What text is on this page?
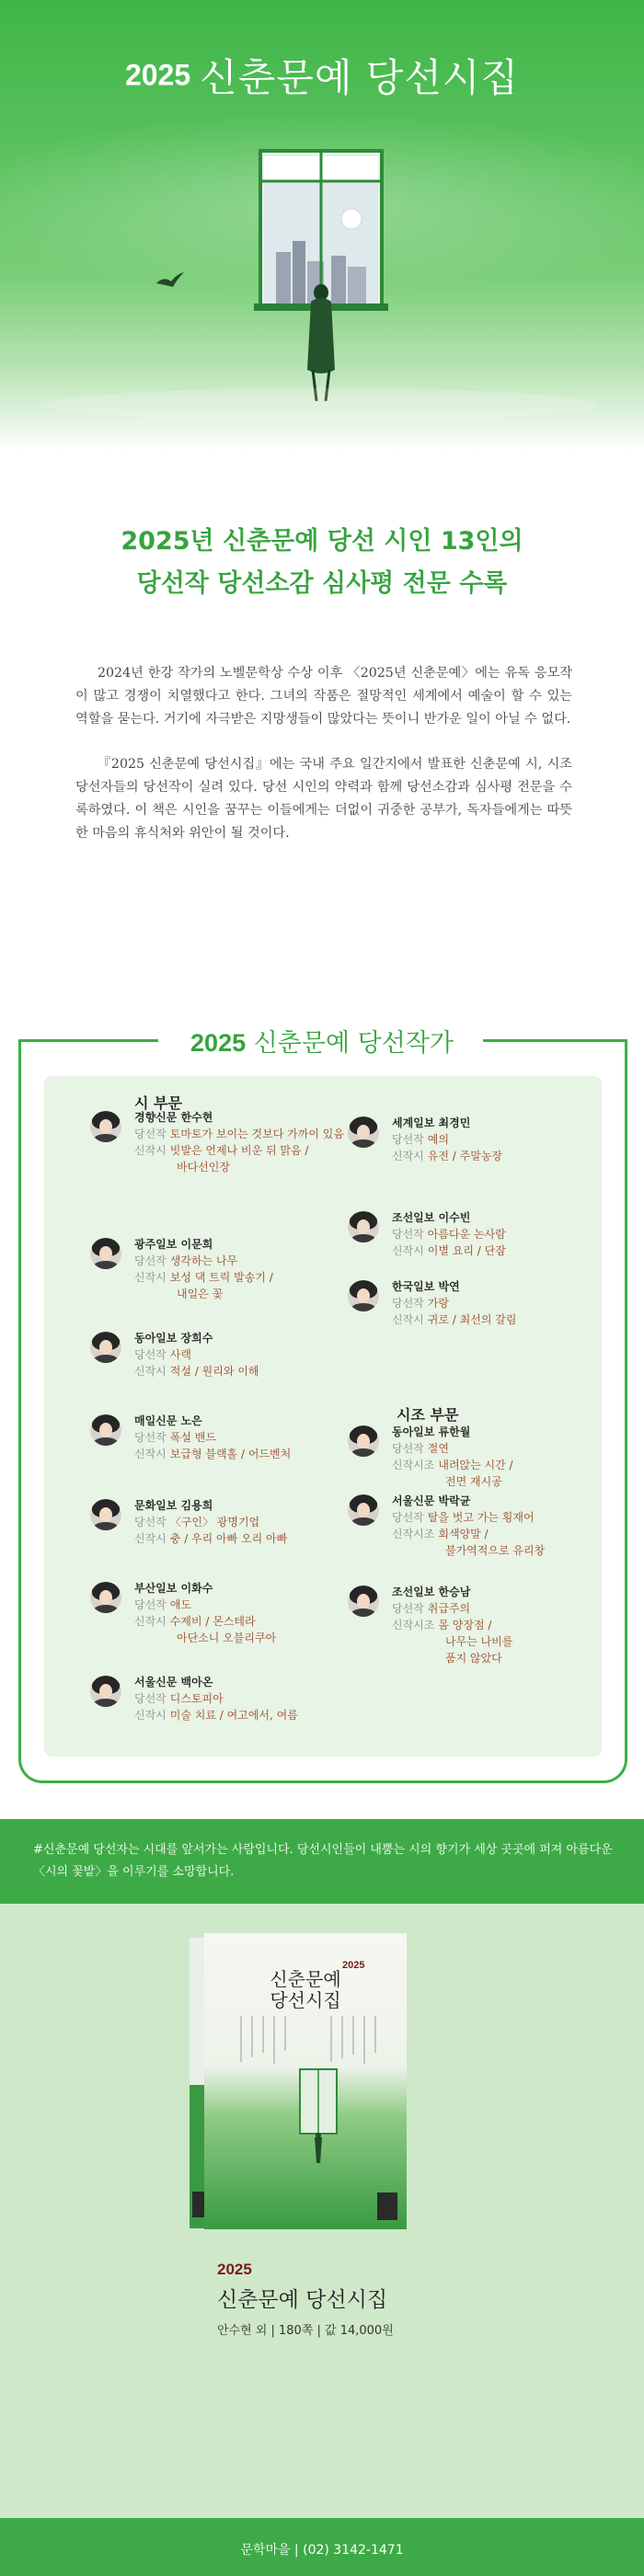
2025 신춘문예 당선시집
2025년 신춘문예 당선 시인 13인의
당선작 당선소감 심사평 전문 수록

2024년 한강 작가의 노벨문학상 수상 이후 〈2025년 신춘문예〉에는 유독 응모작이 많고 경쟁이 치열했다고 한다. 그녀의 작품은 절망적인 세계에서 예술이 할 수 있는 역할을 묻는다. 거기에 자극받은 지망생들이 많았다는 뜻이니 반가운 일이 아닐 수 없다.

『2025 신춘문예 당선시집』에는 국내 주요 일간지에서 발표한 신춘문예 시, 시조 당선자들의 당선작이 실려 있다. 당선 시인의 약력과 함께 당선소감과 심사평 전문을 수록하였다. 이 책은 시인을 꿈꾸는 이들에게는 더없이 귀중한 공부가, 독자들에게는 따뜻한 마음의 휴식처와 위안이 될 것이다.

2025 신춘문예 당선작가
시 부문
시조 부문
경향신문 한수현
당선작 토마토가 보이는 것보다 가까이 있음
신작시 빗발은 언제나 비운 뒤 맑음 /
바다선인장
광주일보 이문희
당선작 생각하는 나무
신작시 보성 댁 트릭 발송기 /
내일은 꽃
동아일보 장희수
당선작 사랙
신작시 적설 / 원리와 이해
매일신문 노은
당선작 폭설 밴드
신작시 보급형 블랙홀 / 어드벤처
문화일보 김용희
당선작 〈구인〉 광명기업
신작시 충 / 우리 아빠 오리 아빠
부산일보 이화수
당선작 애도
신작시 수제비 / 몬스테라
아단소니 오블리쿠아
서울신문 백아온
당선작 디스토피아
신작시 미술 치료 / 여고에서, 여름
세계일보 최경민
당선작 예의
신작시 유전 / 주말농장
조선일보 이수빈
당선작 아름다운 논사람
신작시 이별 요리 / 단잠
한국일보 박연
당선작 가랑
신작시 귀로 / 최선의 갈림
동아일보 류한월
당선작 절연
신작시조 내려앉는 시간 /
전면 재시공
서울신문 박락균
당선작 탈을 벗고 가는 횡재어
신작시조 회색양말 /
불가역적으로 유리창
조선일보 한승남
당선작 취급주의
신작시조 몸 양장점 /
나무는 나비를
품지 않았다
#신춘문예 당선자는 시대를 앞서가는 사람입니다. 당선시인들이 내뿜는 시의 향기가 세상 곳곳에 퍼져 아름다운 〈시의 꽃밭〉을 이루기를 소망합니다.
2025
신춘문예
당선시집
2025
신춘문예 당선시집
안수현 외 | 180쪽 | 값 14,000원
문학마을 | (02) 3142-1471
